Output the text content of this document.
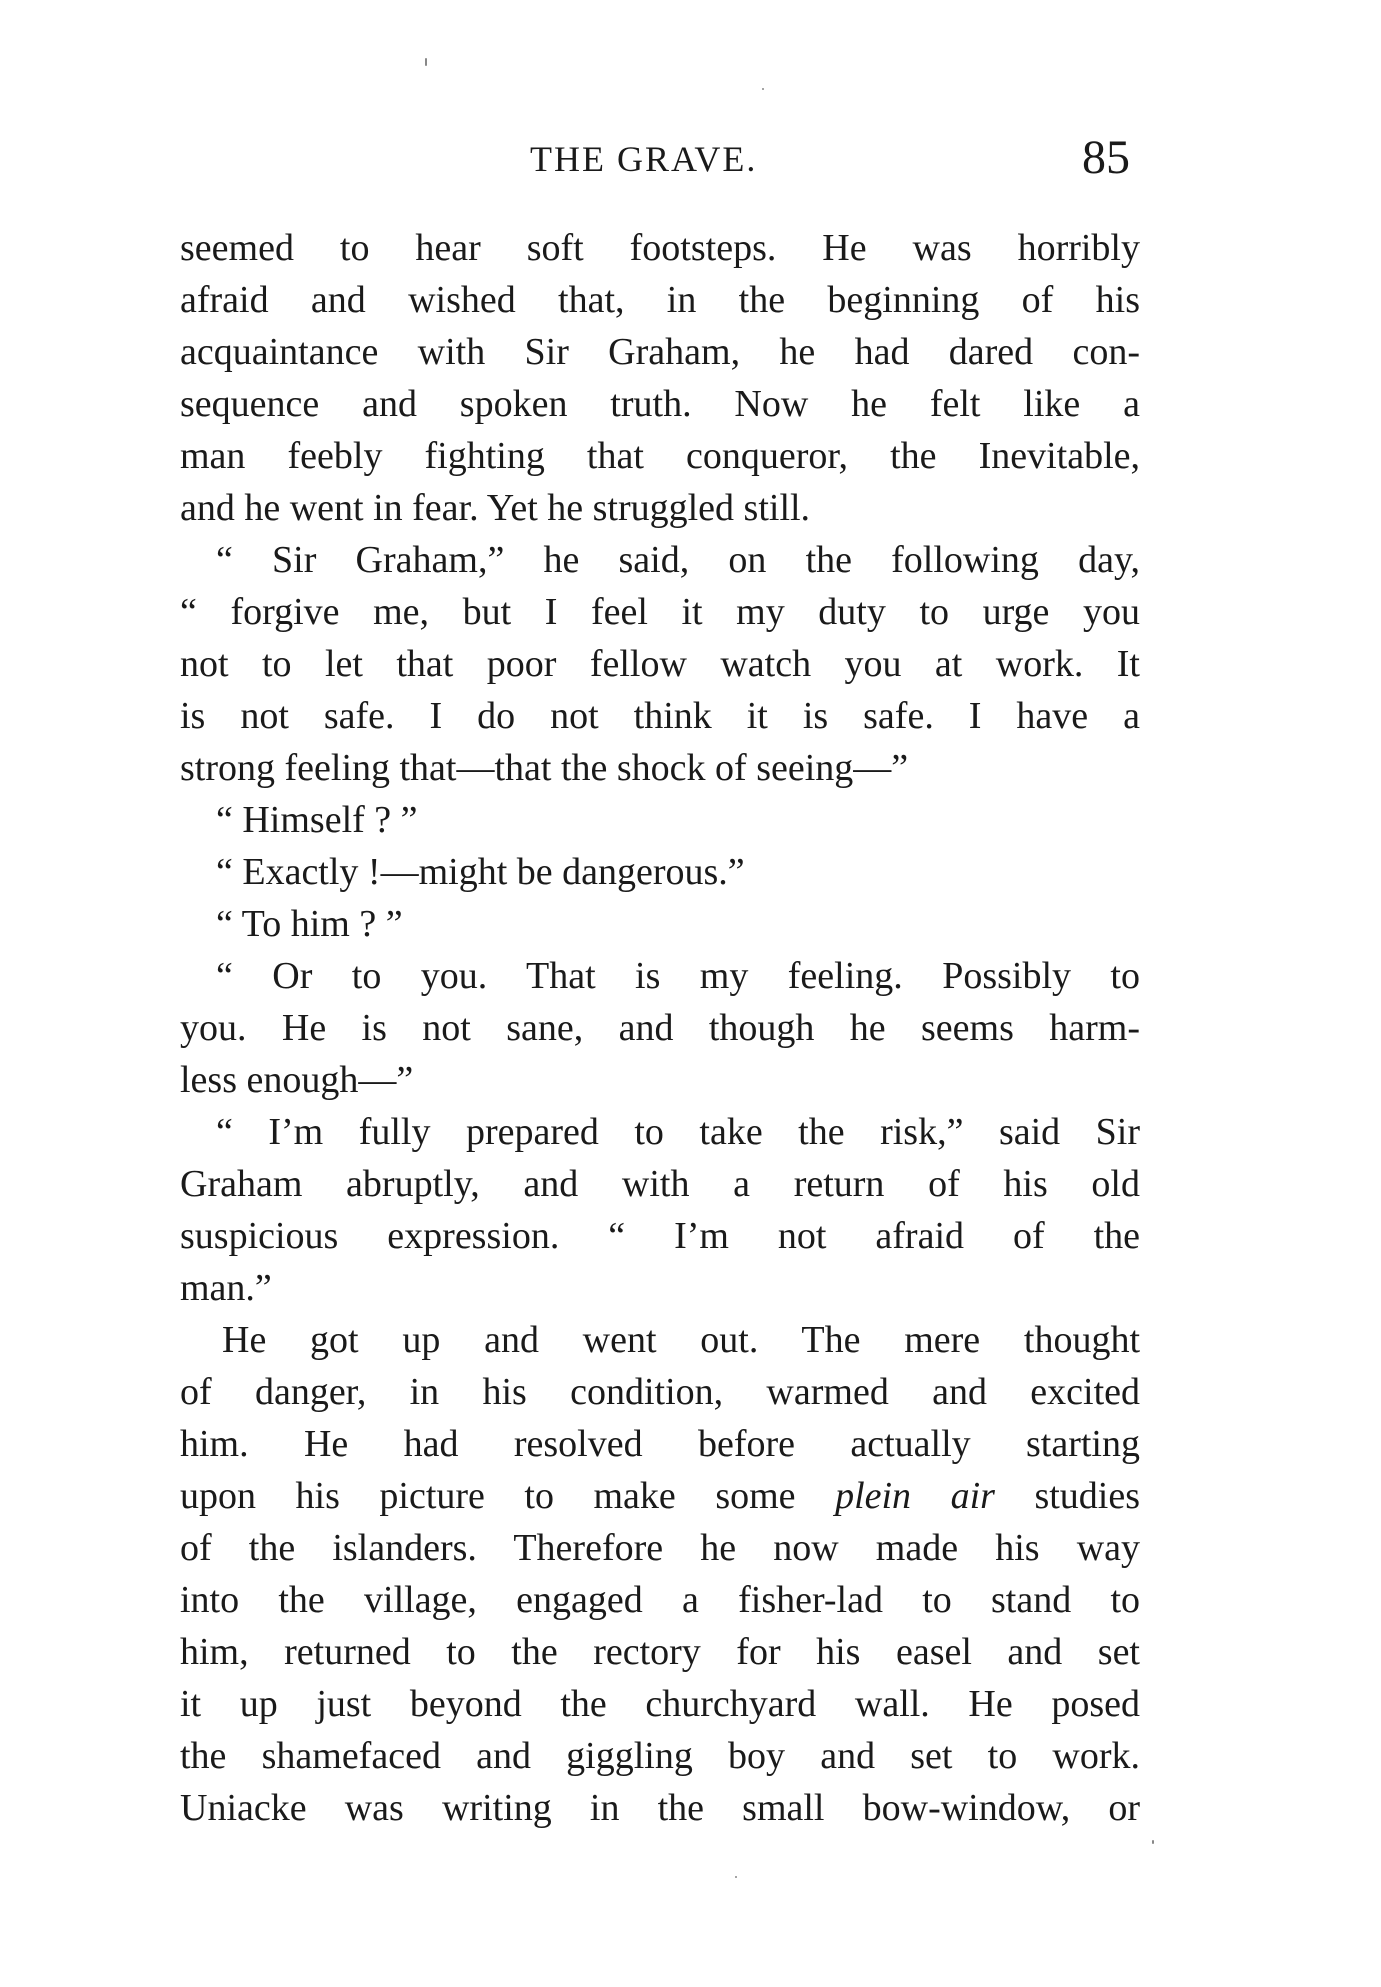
THE GRAVE.	85
seemed to hear soft footsteps. He was horribly
afraid and wished that, in the beginning of his
acquaintance with Sir Graham, he had dared con-
sequence and spoken truth. Now he felt like a
man feebly fighting that conqueror, the Inevitable,
and he went in fear. Yet he struggled still.
“ Sir Graham,” he said, on the following day,
“ forgive me, but I feel it my duty to urge you
not to let that poor fellow watch you at work. It
is not safe. I do not think it is safe. I have a
strong feeling that—that the shock of seeing—”
“ Himself ? ”
“ Exactly !—might be dangerous.”
“ To him ? ”
“ Or to you. That is my feeling. Possibly to
you. He is not sane, and though he seems harm-
less enough—”
“ I’m fully prepared to take the risk,” said Sir
Graham abruptly, and with a return of his old
suspicious expression. “ I’m not afraid of the
man.”
He got up and went out. The mere thought
of danger, in his condition, warmed and excited
him. He had resolved before actually starting
upon his picture to make some plein air studies
of the islanders. Therefore he now made his way
into the village, engaged a fisher-lad to stand to
him, returned to the rectory for his easel and set
it up just beyond the churchyard wall. He posed
the shamefaced and giggling boy and set to work.
Uniacke was writing in the small bow-window, or
